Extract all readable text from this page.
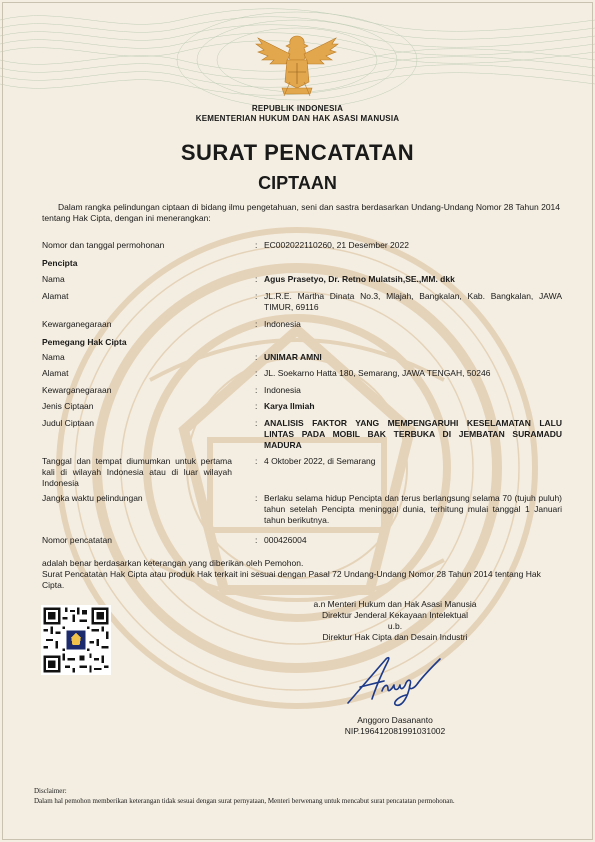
REPUBLIK INDONESIA
KEMENTERIAN HUKUM DAN HAK ASASI MANUSIA
SURAT PENCATATAN
CIPTAAN
Dalam rangka pelindungan ciptaan di bidang ilmu pengetahuan, seni dan sastra berdasarkan Undang-Undang Nomor 28 Tahun 2014 tentang Hak Cipta, dengan ini menerangkan:
Nomor dan tanggal permohonan	: EC002022110260, 21 Desember 2022
Pencipta
Nama	: Agus Prasetyo, Dr. Retno Mulatsih,SE.,MM. dkk
Alamat	: JL.R.E. Martha Dinata No.3, Mlajah, Bangkalan, Kab. Bangkalan, JAWA TIMUR, 69116
Kewarganegaraan	: Indonesia
Pemegang Hak Cipta
Nama	: UNIMAR AMNI
Alamat	: JL. Soekarno Hatta 180, Semarang, JAWA TENGAH, 50246
Kewarganegaraan	: Indonesia
Jenis Ciptaan	: Karya Ilmiah
Judul Ciptaan	: ANALISIS FAKTOR YANG MEMPENGARUHI KESELAMATAN LALU LINTAS PADA MOBIL BAK TERBUKA DI JEMBATAN SURAMADU MADURA
Tanggal dan tempat diumumkan untuk pertama kali di wilayah Indonesia atau di luar wilayah Indonesia
: 4 Oktober 2022, di Semarang
Jangka waktu pelindungan	: Berlaku selama hidup Pencipta dan terus berlangsung selama 70 (tujuh puluh) tahun setelah Pencipta meninggal dunia, terhitung mulai tanggal 1 Januari tahun berikutnya.
Nomor pencatatan	: 000426004
adalah benar berdasarkan keterangan yang diberikan oleh Pemohon.
Surat Pencatatan Hak Cipta atau produk Hak terkait ini sesuai dengan Pasal 72 Undang-Undang Nomor 28 Tahun 2014 tentang Hak Cipta.
a.n Menteri Hukum dan Hak Asasi Manusia
Direktur Jenderal Kekayaan Intelektual
u.b.
Direktur Hak Cipta dan Desain Industri
Anggoro Dasananto
NIP.196412081991031002
Disclaimer:
Dalam hal pemohon memberikan keterangan tidak sesuai dengan surat pernyataan, Menteri berwenang untuk mencabut surat pencatatan permohonan.
